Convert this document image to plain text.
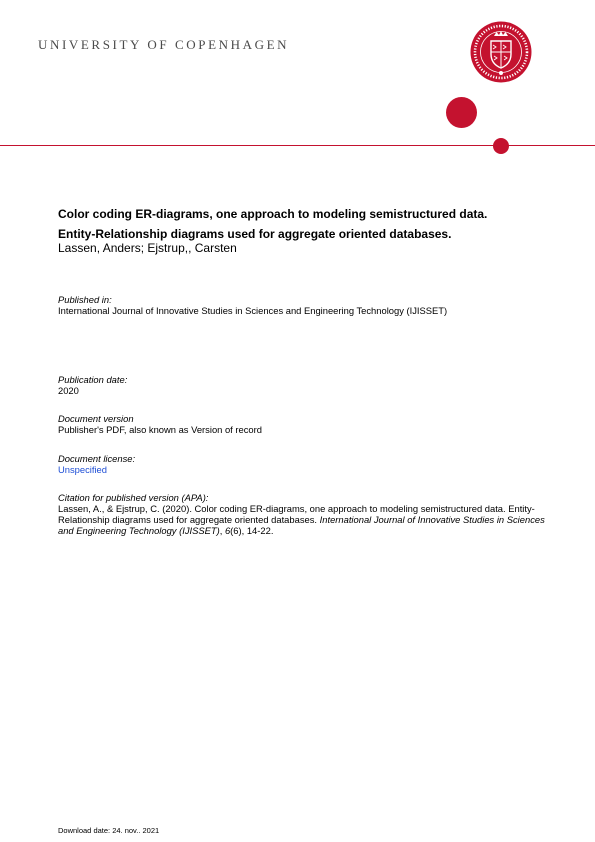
UNIVERSITY OF COPENHAGEN
Color coding ER-diagrams, one approach to modeling semistructured data.
Entity-Relationship diagrams used for aggregate oriented databases.
Lassen, Anders; Ejstrup,, Carsten
Published in:
International Journal of Innovative Studies in Sciences and Engineering Technology (IJISSET)
Publication date:
2020
Document version
Publisher's PDF, also known as Version of record
Document license:
Unspecified
Citation for published version (APA):
Lassen, A., & Ejstrup, C. (2020). Color coding ER-diagrams, one approach to modeling semistructured data. Entity-Relationship diagrams used for aggregate oriented databases. International Journal of Innovative Studies in Sciences and Engineering Technology (IJISSET), 6(6), 14-22.
Download date: 24. nov.. 2021
